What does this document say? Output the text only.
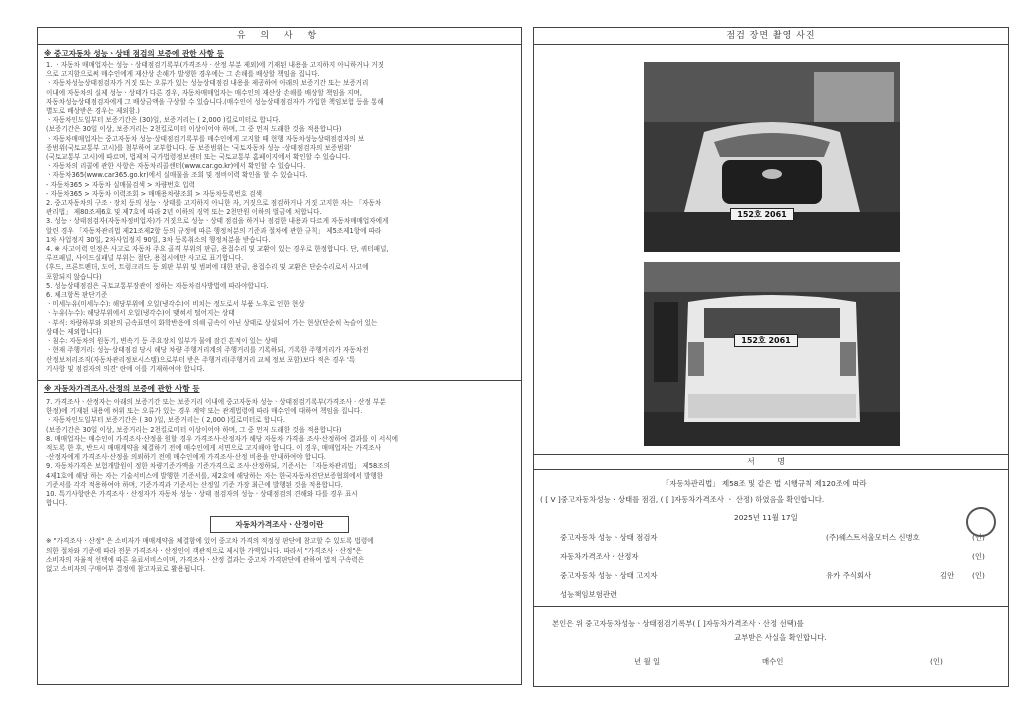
유 의 사 항
※ 중고자동차 성능ㆍ상태 점검의 보증에 관한 사항 등
1. ㆍ자동차 매매업자는 성능ㆍ상태점검기록부(가격조사 · 산정 부분 제외)에 기재된 내용을 고지하지 아니하거나 거짓
으로 고지함으로써 매수인에게 재산상 손해가 발생한 경우에는 그 손해를 배상할 책임을 집니다.
ㆍ자동차성능상태점검자가 거짓 또는 오류가 있는 성능상태점검 내용을 제공하여 아래의 보증기간 또는 보증거리
이내에 자동차의 실제 성능ㆍ상태가 다른 경우, 자동차매매업자는 매수인의 재산상 손해를 배상할 책임을 지며,
자동차성능상태점검자에게 그 배상금액을 구상할 수 있습니다.(매수인이 성능상태점검자가 가입한 책임보험 등을 통해
별도로 배상받은 경우는 제외함.)
ㆍ자동차인도일부터 보증기간은 (30)일, 보증거리는 ( 2,000 )킬로미터로 합니다.
(보증기간은 30일 이상, 보증거리는 2천킬로미터 이상이어야 하며, 그 중 먼저 도래한 것을 적용합니다)
ㆍ자동차매매업자는 중고자동차 성능·상태점검기록부를 매수인에게 고지할 때 현행 자동차성능상태점검자의 보
증범위(국토교통부 고시)를 첨부하여 교부합니다. 동 보증범위는 '국토자동차 성능 ·상태점검자의 보증범위'
(국토교통부 고시)에 따르며, 법제처 국가법령정보센터 또는 국토교통부 홈페이지에서 확인할 수 있습니다.
ㆍ자동차의 리콜에 관한 사항은 자동차리콜센터(www.car.go.kr)에서 확인할 수 있습니다.
ㆍ자동차365(www.car365.go.kr)에서 실매물을 조회 및 정비이력 확인을 할 수 있습니다.
- 자동차365 > 자동차 실매물검색 > 차량번호 입력
- 자동차365 > 자동차 이력조회 > 매매용차량조회 > 자동차등록번호 검색
2. 중고자동차의 구조ㆍ장치 등의 성능ㆍ상태를 고지하지 아니한 자, 거짓으로 점검하거나 거짓 고지한 자는 「자동차
관리법」 제80조제6호 및 제7호에 따라 2년 이하의 징역 또는 2천만원 이하의 벌금에 처합니다.
3. 성능ㆍ상태점검자(자동차정비업자)가 거짓으로 성능ㆍ상태 점검을 하거나 점검한 내용과 다르게 자동차매매업자에게
알린 경우 「자동차관리법 제21조제2항 등의 규정에 따른 행정처분의 기준과 절차에 관한 규칙」 제5조제1항에 따라
1차 사업정지 30일, 2차사업정지 90일, 3차 등록취소의 행정처분을 받습니다.
4. ※ 사고이력 인정은 사고로 자동차 주요 골격 부위의 판금, 용접수리 및 교환이 있는 경우로 한정합니다. 단, 쿼터패널,
루프패널, 사이드실패널 부위는 절단, 용접시에만 사고로 표기합니다.
(후드, 프론트펜더, 도어, 트렁크리드 등 외판 부위 및 범퍼에 대한 판금, 용접수리 및 교환은 단순수리로서 사고에
포함되지 않습니다)
5. 성능상태점검은 국토교통부장관이 정하는 자동차검사방법에 따라야합니다.
6. 체크항목 판단기준
ㆍ미세누유(미세누수): 해당부위에 오일(냉각수)이 비치는 정도로서 부품 노후로 인한 현상
ㆍ누유(누수): 해당부위에서 오일(냉각수)이 맺혀서 떨어지는 상태
ㆍ부식: 차량하부와 외판의 금속표면이 화학반응에 의해 금속이 아닌 상태로 상실되어 가는 현상(단순히 녹슬어 있는
상태는 제외합니다)
ㆍ침수: 자동차의 원동기, 변속기 등 주요장치 일부가 물에 잠긴 흔적이 있는 상태
ㆍ현재 주행거리: 성능·상태점검 당시 해당 차량 주행거리계의 주행거리를 기록하되, 기록한 주행거리가 자동차전
산정보처리조직(자동차관리정보시스템)으로부터 받은 주행거리(주행거리 교체 정보 포함)보다 적은 경우 '특
기사항 및 점검자의 의견' 란에 이를 기재하여야 합니다.
※ 자동차가격조사.산정의 보증에 관한 사항 등
7. 가격조사ㆍ산정자는 아래의 보증기간 또는 보증거리 이내에 중고자동차 성능ㆍ상태점검기록부(가격조사 · 산정 부분
한정)에 기재된 내용에 허위 또는 오류가 있는 경우 계약 또는 관계법령에 따라 매수인에 대하여 책임을 집니다.
ㆍ자동차인도일부터 보증기간은 ( 30 )일, 보증거리는 ( 2,000 )킬로미터로 합니다.
(보증기간은 30일 이상, 보증거리는 2천킬로미터 이상이어야 하며, 그 중 먼저 도래한 것을 적용합니다)
8. 매매업자는 매수인이 가격조사·산정을 원할 경우 가격조사·산정자가 해당 자동차 가격을 조사·산정하여 결과를 이 서식에
적도록 한 후, 반드시 매매계약을 체결하기 전에 매수인에게 서면으로 고지해야 합니다. 이 경우, 매매업자는 가격조사
·산정자에게 가격조사·산정을 의뢰하기 전에 매수인에게 가격조사·산정 비용을 안내하여야 합니다.
9. 자동차가격은 보험개발원이 정한 차량기준가액을 기준가격으로 조사·산정하되, 기준서는 「자동차관리법」 제58조의
4제1호에 해당 하는 자는 기술서비스에 발행한 기준서를, 제2호에 해당하는 자는 한국자동차진단보증협회에서 발행한
기준서를 각각 적용하여야 하며, 기준가격과 기준서는 산정일 기준 가장 최근에 발행된 것을 적용합니다.
10. 특기사항란은 가격조사ㆍ산정자가 자동차 성능ㆍ상태 점검자의 성능ㆍ상태점검의 견해와 다를 경우 표시
합니다.
자동차가격조사ㆍ산정이란
※ "가격조사ㆍ산정" 은 소비자가 매매계약을 체결함에 있어 중고차 가격의 적정성 판단에 참고할 수 있도록 법령에
의한 절차와 기준에 따라 전문 가격조사ㆍ산정인이 객관적으로 제시한 가액입니다. 따라서 "가격조사ㆍ산정"은
소비자의 자율적 선택에 따른 유료서비스이며, 가격조사ㆍ산정 결과는 중고차 가격판단에 관하여 법적 구속력은
없고 소비자의 구매여부 결정에 참고자료로 활용됩니다.
점검 장면 촬영 사진
152호 2061
152호 2061
서 명
「자동차관리법」 제58조 및 같은 법 시행규칙 제120조에 따라
( [ V ]중고자동차성능ㆍ상태를 점검, ( [ ]자동차가격조사 ㆍ 산정) 하였음을 확인합니다.
2025년 11월 17일
중고자동차 성능ㆍ상태 점검자	(주)웨스트서울모터스 신병호	(인)
자동차가격조사ㆍ산정자	(인)
중고자동차 성능ㆍ상태 고지자	유카 주식회사	김안 (인)
성능책임보험관련
본인은 위 중고자동차성능ㆍ상태점검기록부( [ ]자동차가격조사ㆍ산정 선택)를
교부받은 사실을 확인합니다.
년 월 일	매수인	(인)
